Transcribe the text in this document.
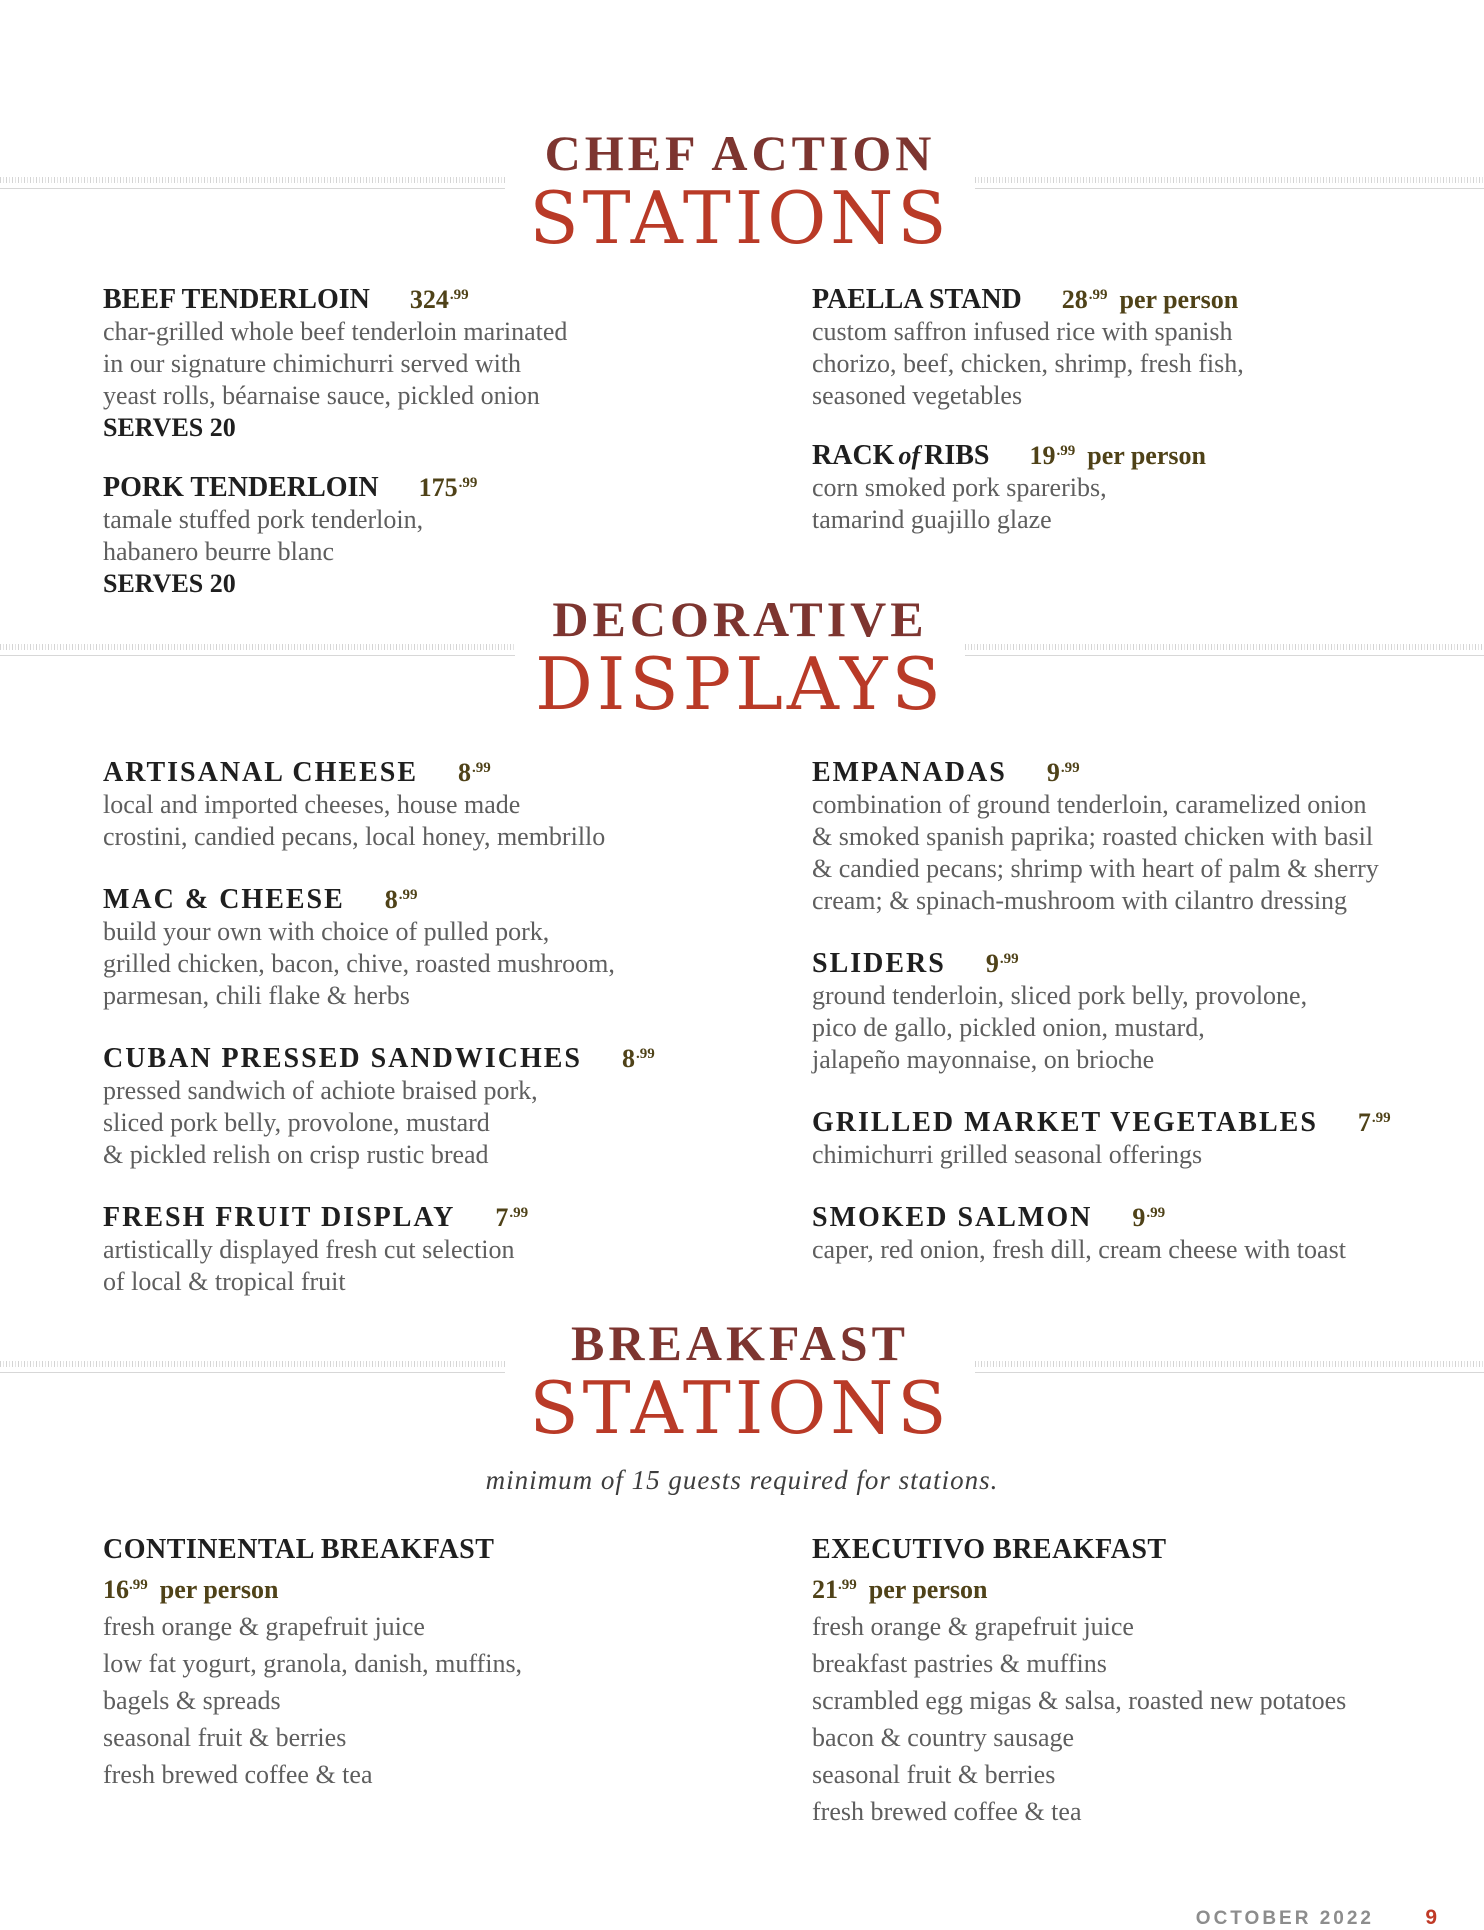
CHEF ACTION
STATIONS
BEEF TENDERLOIN $324^{.99}$

char-grilled whole beef tenderloin marinated

in our signature chimichurri served with

yeast rolls, béarnaise sauce, pickled onion

SERVES 20

PORK TENDERLOIN $175^{.99}$

tamale stuffed pork tenderloin,

habanero beurre blanc

SERVES 20

PAELLA STAND $28^{.99}$ per person

custom saffron infused rice with spanish

chorizo, beef, chicken, shrimp, fresh fish,

seasoned vegetables

RACK of RIBS $19^{.99}$ per person

corn smoked pork spareribs,

tamarind guajillo glaze

DECORATIVE
DISPLAYS
ARTISANAL CHEESE $8^{.99}$

local and imported cheeses, house made

crostini, candied pecans, local honey, membrillo

MAC & CHEESE $8^{.99}$

build your own with choice of pulled pork,

grilled chicken, bacon, chive, roasted mushroom,

parmesan, chili flake & herbs

CUBAN PRESSED SANDWICHES $8^{.99}$

pressed sandwich of achiote braised pork,

sliced pork belly, provolone, mustard

& pickled relish on crisp rustic bread

FRESH FRUIT DISPLAY $7^{.99}$

artistically displayed fresh cut selection

of local & tropical fruit

EMPANADAS $9^{.99}$

combination of ground tenderloin, caramelized onion

& smoked spanish paprika; roasted chicken with basil

& candied pecans; shrimp with heart of palm & sherry

cream; & spinach-mushroom with cilantro dressing

SLIDERS $9^{.99}$

ground tenderloin, sliced pork belly, provolone,

pico de gallo, pickled onion, mustard,

jalapeño mayonnaise, on brioche

GRILLED MARKET VEGETABLES $7^{.99}$

chimichurri grilled seasonal offerings

SMOKED SALMON $9^{.99}$

caper, red onion, fresh dill, cream cheese with toast

BREAKFAST
STATIONS
minimum of 15 guests required for stations.
CONTINENTAL BREAKFAST
$16^{.99}$ per person
fresh orange & grapefruit juice
low fat yogurt, granola, danish, muffins,
bagels & spreads
seasonal fruit & berries
fresh brewed coffee & tea
EXECUTIVO BREAKFAST
$21^{.99}$ per person
fresh orange & grapefruit juice
breakfast pastries & muffins
scrambled egg migas & salsa, roasted new potatoes
bacon & country sausage
seasonal fruit & berries
fresh brewed coffee & tea
OCTOBER 2022 9
